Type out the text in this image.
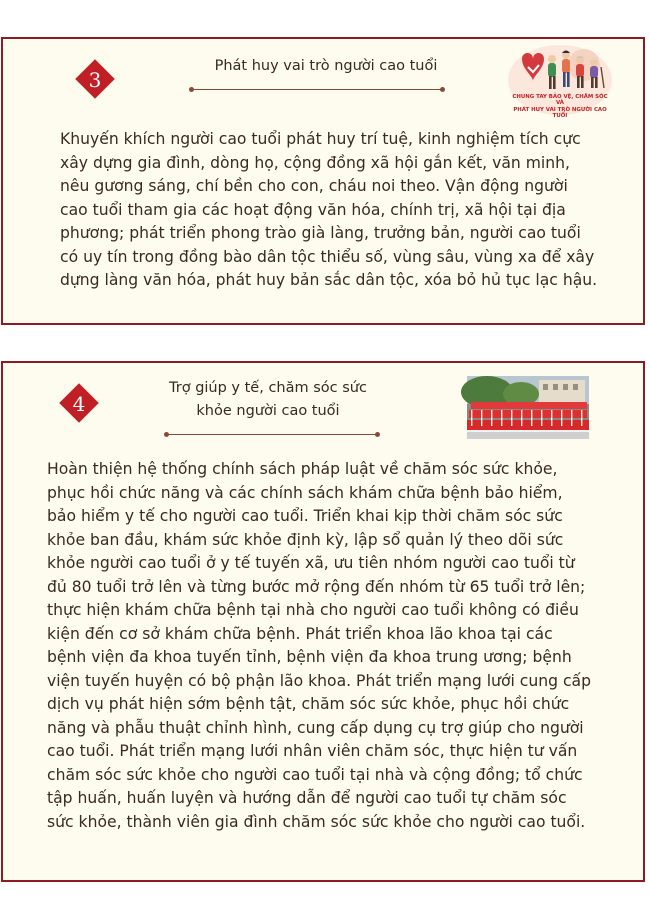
3
Phát huy vai trò người cao tuổi
CHUNG TAY BẢO VỆ, CHĂM SÓC VÀ
PHÁT HUY VAI TRÒ NGƯỜI CAO TUỔI

Khuyến khích người cao tuổi phát huy trí tuệ, kinh nghiệm tích cực
xây dựng gia đình, dòng họ, cộng đồng xã hội gắn kết, văn minh,
nêu gương sáng, chí bền cho con, cháu noi theo. Vận động người
cao tuổi tham gia các hoạt động văn hóa, chính trị, xã hội tại địa
phương; phát triển phong trào già làng, trưởng bản, người cao tuổi
có uy tín trong đồng bào dân tộc thiểu số, vùng sâu, vùng xa để xây
dựng làng văn hóa, phát huy bản sắc dân tộc, xóa bỏ hủ tục lạc hậu.

4
Trợ giúp y tế, chăm sóc sức
khỏe người cao tuổi

Hoàn thiện hệ thống chính sách pháp luật về chăm sóc sức khỏe,
phục hồi chức năng và các chính sách khám chữa bệnh bảo hiểm,
bảo hiểm y tế cho người cao tuổi. Triển khai kịp thời chăm sóc sức
khỏe ban đầu, khám sức khỏe định kỳ, lập sổ quản lý theo dõi sức
khỏe người cao tuổi ở y tế tuyến xã, ưu tiên nhóm người cao tuổi từ
đủ 80 tuổi trở lên và từng bước mở rộng đến nhóm từ 65 tuổi trở lên;
thực hiện khám chữa bệnh tại nhà cho người cao tuổi không có điều
kiện đến cơ sở khám chữa bệnh. Phát triển khoa lão khoa tại các
bệnh viện đa khoa tuyến tỉnh, bệnh viện đa khoa trung ương; bệnh
viện tuyến huyện có bộ phận lão khoa. Phát triển mạng lưới cung cấp
dịch vụ phát hiện sớm bệnh tật, chăm sóc sức khỏe, phục hồi chức
năng và phẫu thuật chỉnh hình, cung cấp dụng cụ trợ giúp cho người
cao tuổi. Phát triển mạng lưới nhân viên chăm sóc, thực hiện tư vấn
chăm sóc sức khỏe cho người cao tuổi tại nhà và cộng đồng; tổ chức
tập huấn, huấn luyện và hướng dẫn để người cao tuổi tự chăm sóc
sức khỏe, thành viên gia đình chăm sóc sức khỏe cho người cao tuổi.
